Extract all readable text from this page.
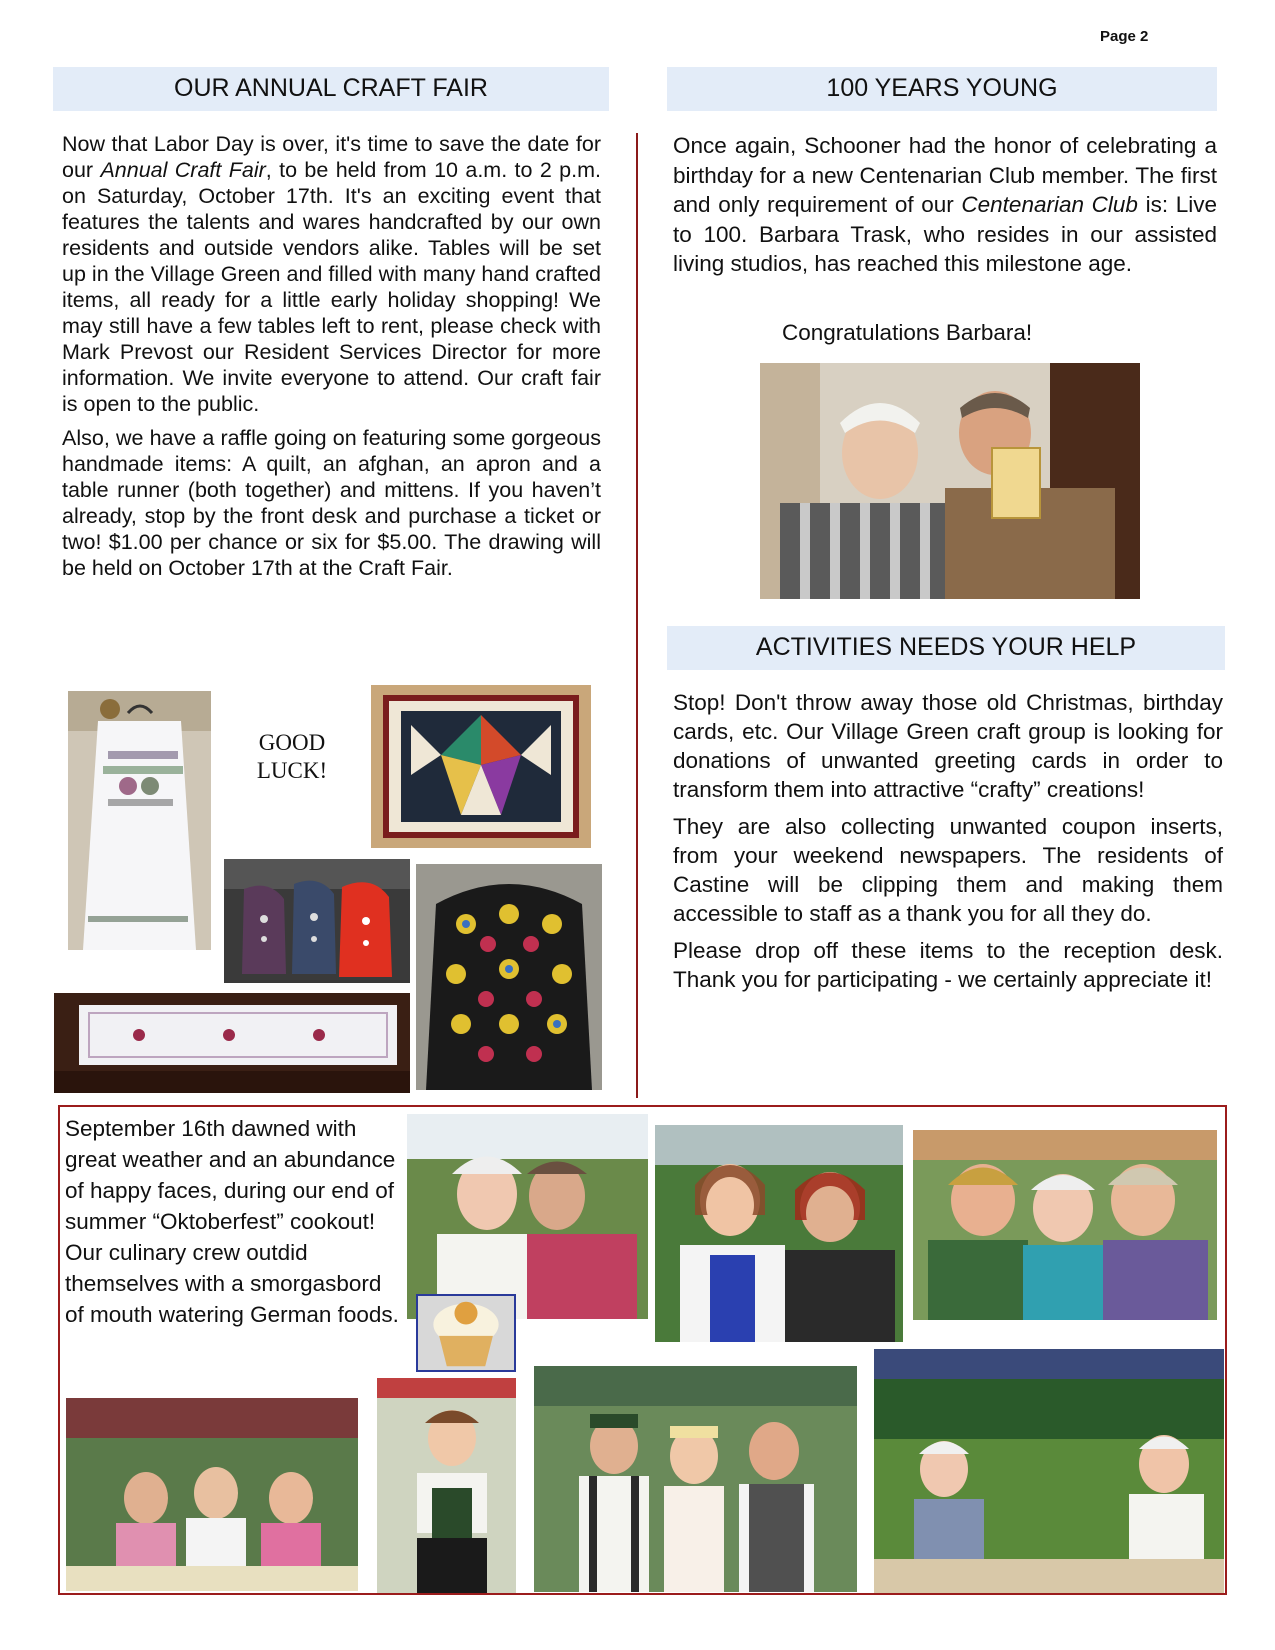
Page 2
OUR ANNUAL CRAFT FAIR

Now that Labor Day is over, it's time to save the date for our Annual Craft Fair, to be held from 10 a.m. to 2 p.m. on Saturday, October 17th. It's an exciting event that features the talents and wares handcrafted by our own residents and outside vendors alike. Tables will be set up in the Village Green and filled with many hand crafted items, all ready for a little early holiday shopping! We may still have a few tables left to rent, please check with Mark Prevost our Resident Services Director for more information. We invite everyone to attend. Our craft fair is open to the public.

Also, we have a raffle going on featuring some gorgeous handmade items: A quilt, an afghan, an apron and a table runner (both together) and mittens. If you haven’t already, stop by the front desk and purchase a ticket or two! $1.00 per chance or six for $5.00. The drawing will be held on October 17th at the Craft Fair.

GOOD
LUCK!
100 YEARS YOUNG

Once again, Schooner had the honor of celebrating a birthday for a new Centenarian Club member. The first and only requirement of our Centenarian Club is: Live to 100. Barbara Trask, who resides in our assisted living studios, has reached this milestone age.

Congratulations Barbara!
ACTIVITIES NEEDS YOUR HELP

Stop! Don't throw away those old Christmas, birthday cards, etc. Our Village Green craft group is looking for donations of unwanted greeting cards in order to transform them into attractive “crafty” creations!

They are also collecting unwanted coupon inserts, from your weekend newspapers. The residents of Castine will be clipping them and making them accessible to staff as a thank you for all they do.

Please drop off these items to the reception desk. Thank you for participating - we certainly appreciate it!

September 16th dawned with great weather and an abundance of happy faces, during our end of summer “Oktoberfest” cookout! Our culinary crew outdid themselves with a smorgasbord of mouth watering German foods.
